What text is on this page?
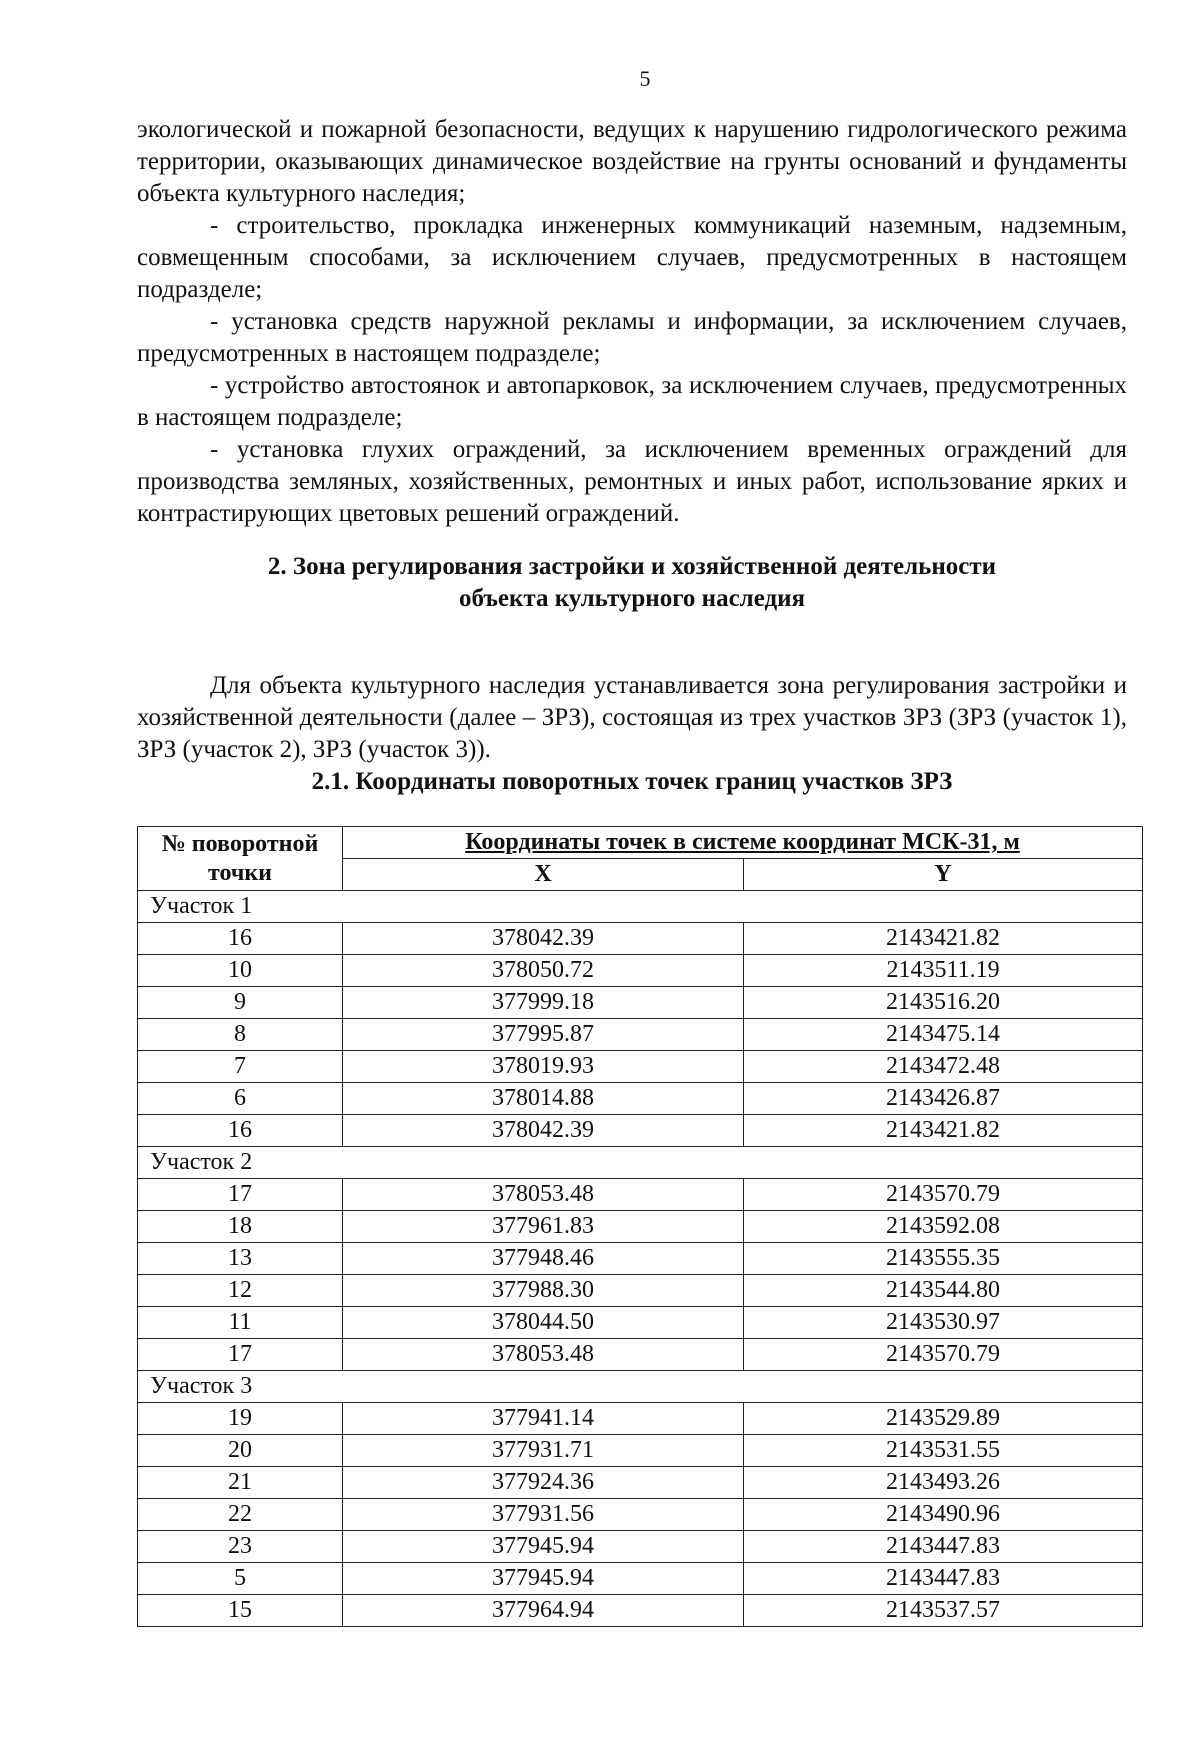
5

экологической и пожарной безопасности, ведущих к нарушению гидрологического режима территории, оказывающих динамическое воздействие на грунты оснований и фундаменты объекта культурного наследия;

- строительство, прокладка инженерных коммуникаций наземным, надземным, совмещенным способами, за исключением случаев, предусмотренных в настоящем подразделе;

- установка средств наружной рекламы и информации, за исключением случаев, предусмотренных в настоящем подразделе;

- устройство автостоянок и автопарковок, за исключением случаев, предусмотренных в настоящем подразделе;

- установка глухих ограждений, за исключением временных ограждений для производства земляных, хозяйственных, ремонтных и иных работ, использование ярких и контрастирующих цветовых решений ограждений.

2. Зона регулирования застройки и хозяйственной деятельности
объекта культурного наследия

Для объекта культурного наследия устанавливается зона регулирования застройки и хозяйственной деятельности (далее – ЗРЗ), состоящая из трех участков ЗРЗ (ЗРЗ (участок 1), ЗРЗ (участок 2), ЗРЗ (участок 3)).

2.1. Координаты поворотных точек границ участков ЗРЗ
№ поворотной точки	Координаты точек в системе координат МСК-31, м	
	X	Y
Участок 1		
16	378042.39	2143421.82
10	378050.72	2143511.19
9	377999.18	2143516.20
8	377995.87	2143475.14
7	378019.93	2143472.48
6	378014.88	2143426.87
16	378042.39	2143421.82
Участок 2		
17	378053.48	2143570.79
18	377961.83	2143592.08
13	377948.46	2143555.35
12	377988.30	2143544.80
11	378044.50	2143530.97
17	378053.48	2143570.79
Участок 3		
19	377941.14	2143529.89
20	377931.71	2143531.55
21	377924.36	2143493.26
22	377931.56	2143490.96
23	377945.94	2143447.83
5	377945.94	2143447.83
15	377964.94	2143537.57
